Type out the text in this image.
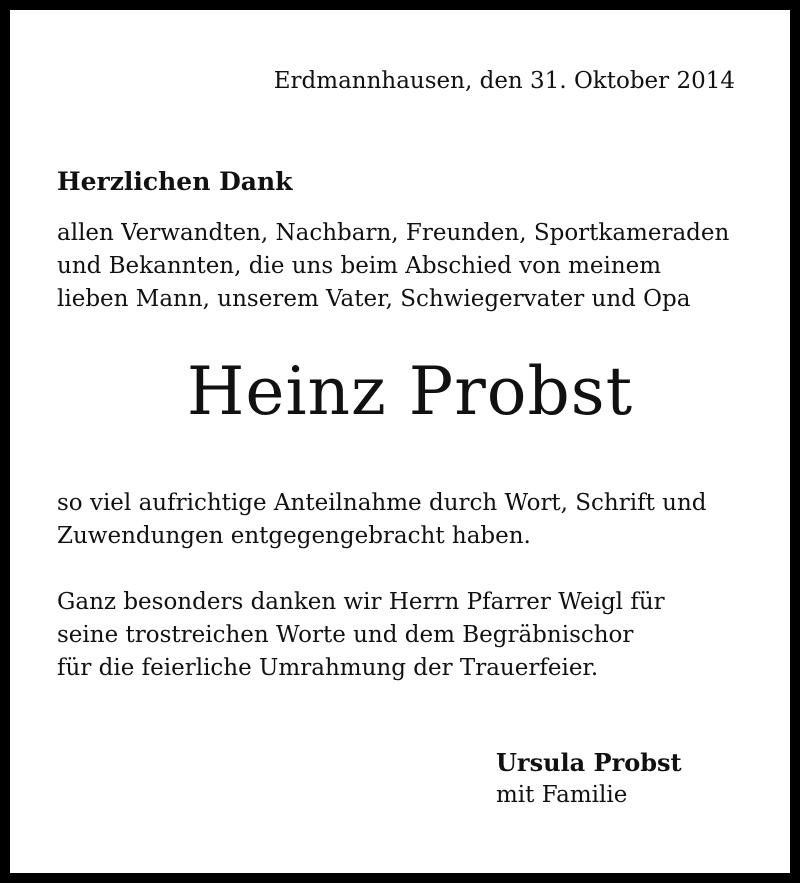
Erdmannhausen, den 31. Oktober 2014
Herzlichen Dank
allen Verwandten, Nachbarn, Freunden, Sportkameraden
und Bekannten, die uns beim Abschied von meinem
lieben Mann, unserem Vater, Schwiegervater und Opa
Heinz Probst
so viel aufrichtige Anteilnahme durch Wort, Schrift und
Zuwendungen entgegengebracht haben.
Ganz besonders danken wir Herrn Pfarrer Weigl für
seine trostreichen Worte und dem Begräbnischor
für die feierliche Umrahmung der Trauerfeier.
Ursula Probst
mit Familie
